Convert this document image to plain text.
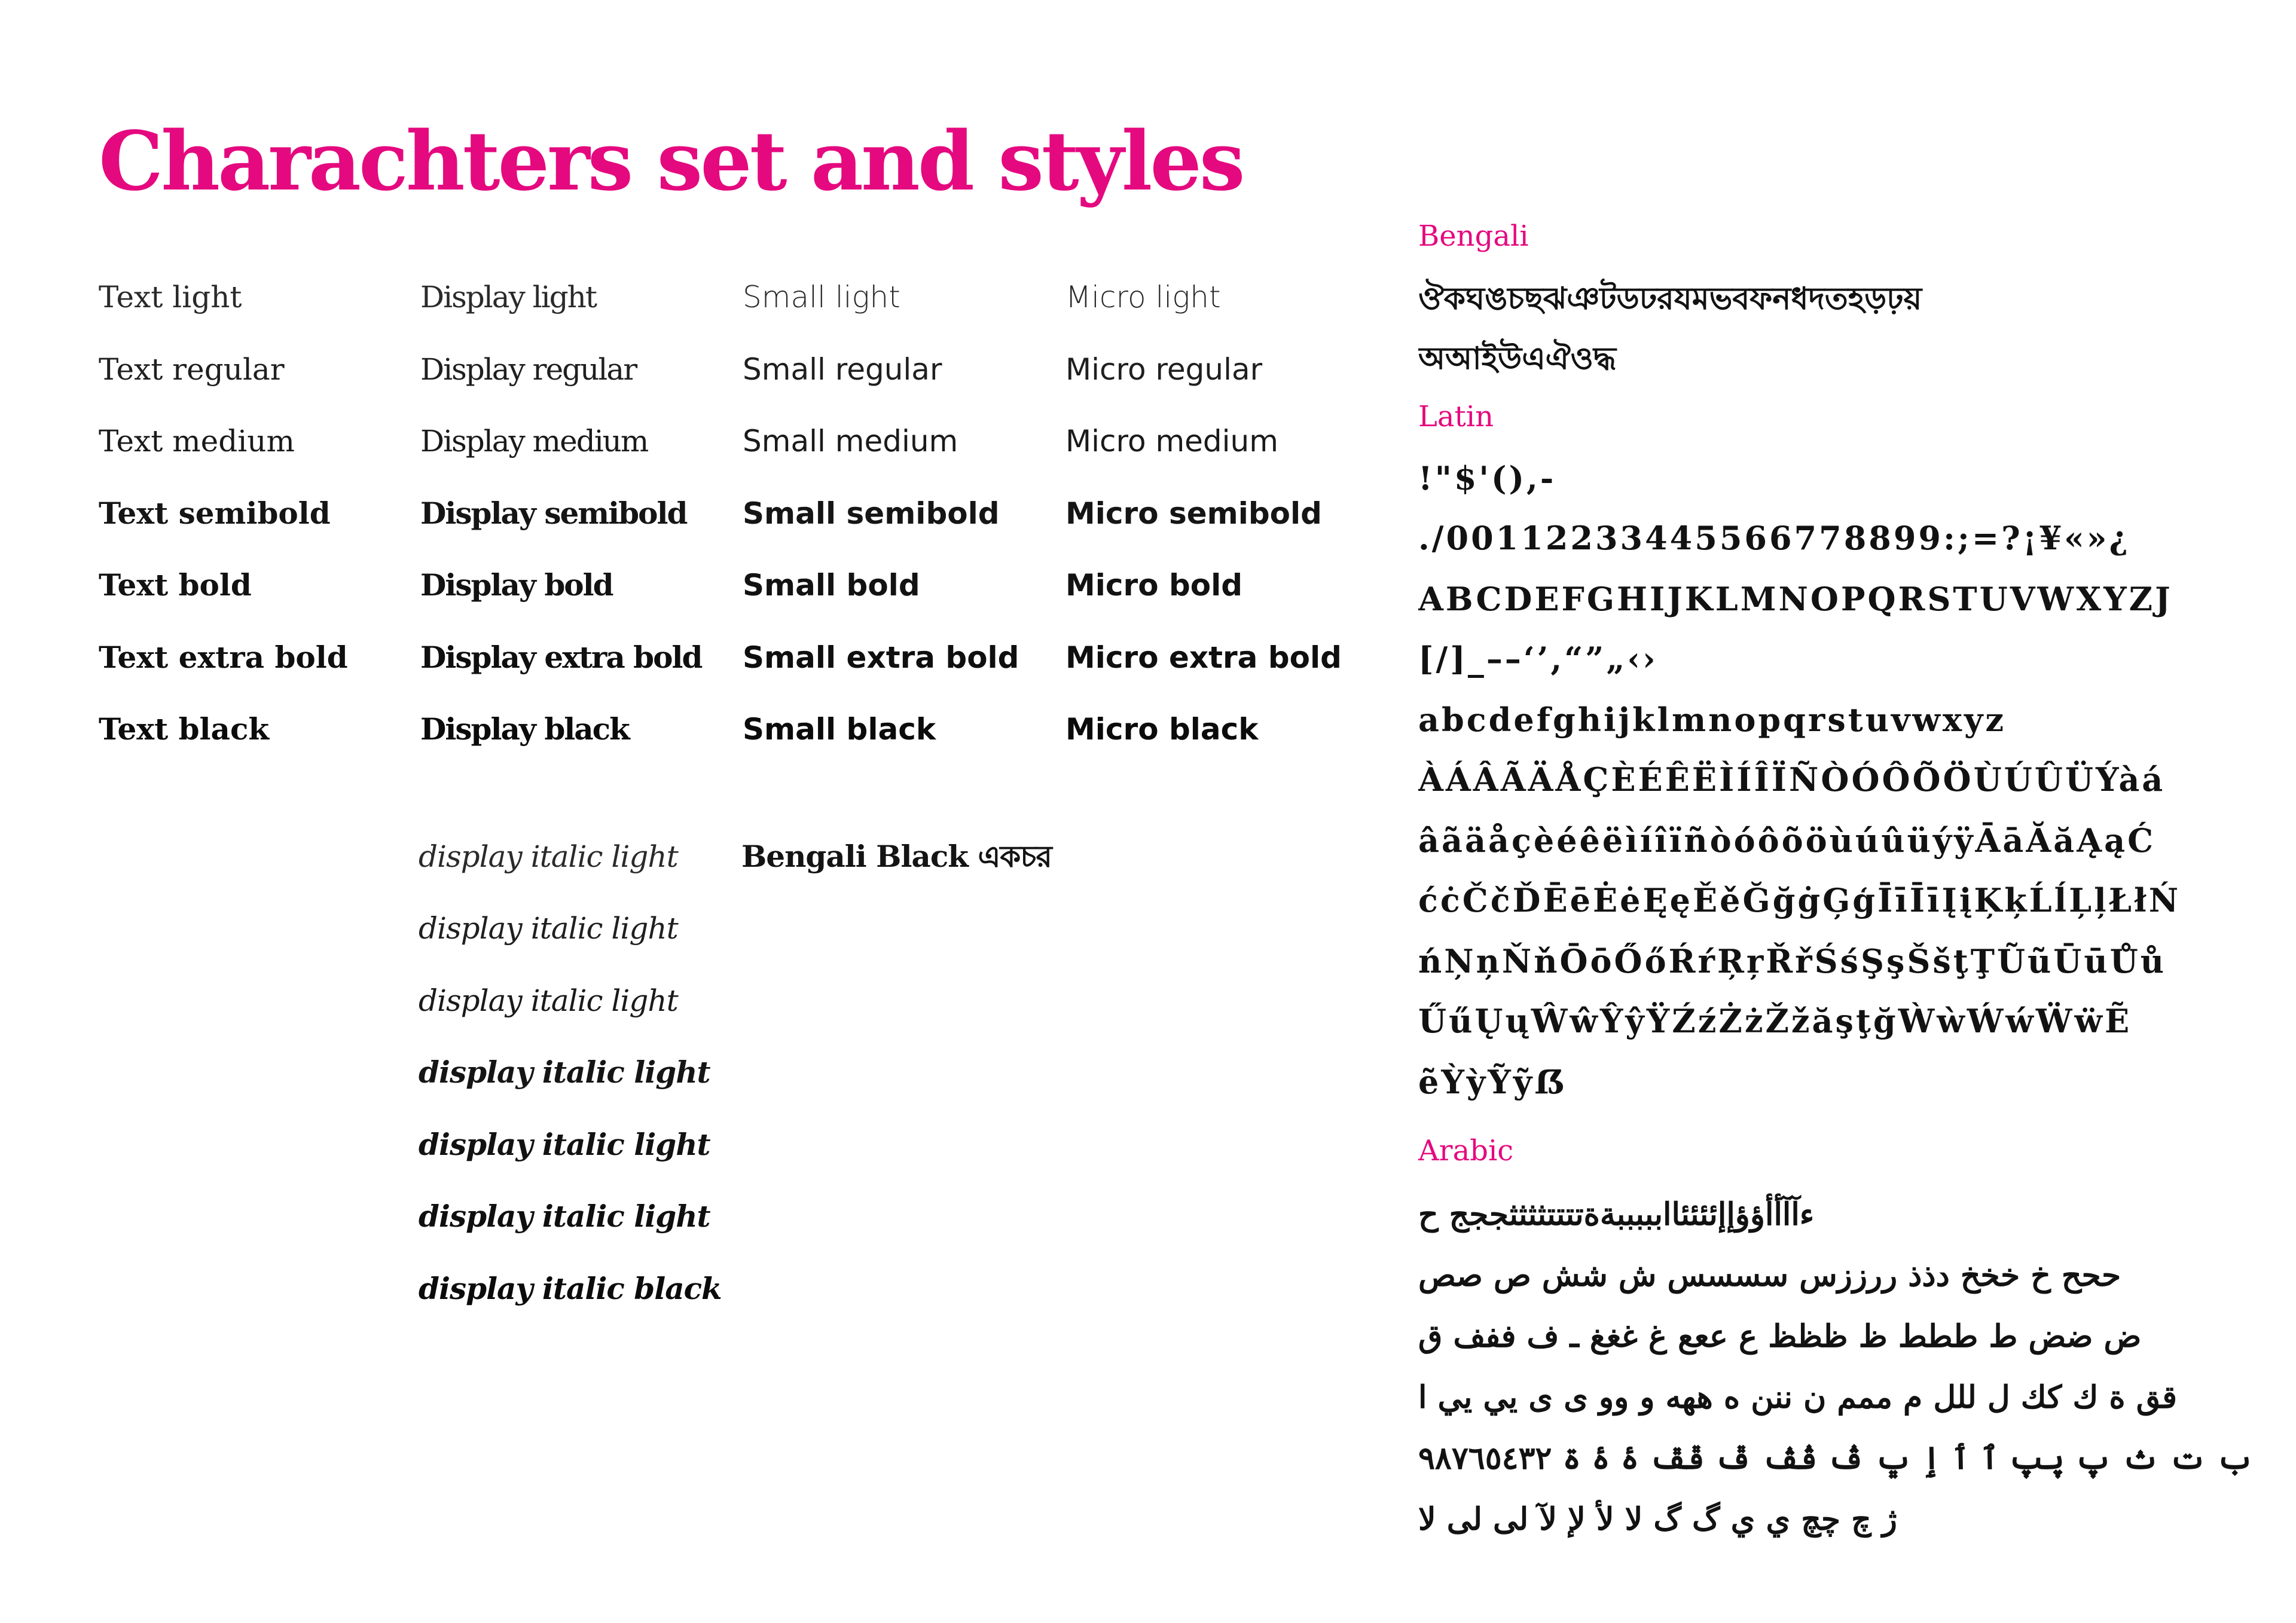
Charachters set and styles
Text light
Text regular
Text medium
Text semibold
Text bold
Text extra bold
Text black
Display light
Display regular
Display medium
Display semibold
Display bold
Display extra bold
Display black
Small light
Small regular
Small medium
Small semibold
Small bold
Small extra bold
Small black
Micro light
Micro regular
Micro medium
Micro semibold
Micro bold
Micro extra bold
Micro black
display italic light
display italic light
display italic light
display italic light
display italic light
display italic light
display italic black
Bengali Black একচর
Bengali
ঔকঘঙচছঝঞটডঢরযমভবফনধদতহড়ঢ়য়
অআইউএঐওদ্ধ
Latin
!"$'(),-
./00112233445566778899:;=?¡¥«»¿
ABCDEFGHIJKLMNOPQRSTUVWXYZJ
[/]_––‘’,“”„‹›
abcdefghijklmnopqrstuvwxyz
ÀÁÂÃÄÅÇÈÉÊËÌÍÎÏÑÒÓÔÕÖÙÚÛÜÝàá
âãäåçèéêëìíîïñòóôõöùúûüýÿĀāĂăĄąĆ
ćċČčĎĒēĖėĘęĚěĞğġĢģĪīĪīĮįĶķĹĺĻļŁłŃ
ńŅņŇňŌōŐőŔŕŖŗŘřŚśŞşŠšţŢŨũŪūŮů
ŰűŲųŴŵŶŷŸŹźŻżŽžăşţğẀẁẂẃẄẅẼ
ẽỲỳỸỹẞ
Arabic
ءآآأأؤؤإإئئئئاابببببةةتتتتثثثثججج ح
ححح خ خخخ دذذ ررززس سسسس ش شش ص صص
ض ضض ط ططط ظ ظظظ ع ععع غ غغغ ـ ف ففف ق
قق ة ك كك ل للل م ممم ن ننن ه ههه و وو ى ى يي يي ا
ب ت ث پ پپ ٱ ٲ ٳ ڀ ڤ ڤڤ ڦ ڦڦ ۀ ۂ ۃ ٩٨٧٦٥٤٣٢
ژ چ چچ ي ي گ گ لا لأ لإ لآ لى لى لا
